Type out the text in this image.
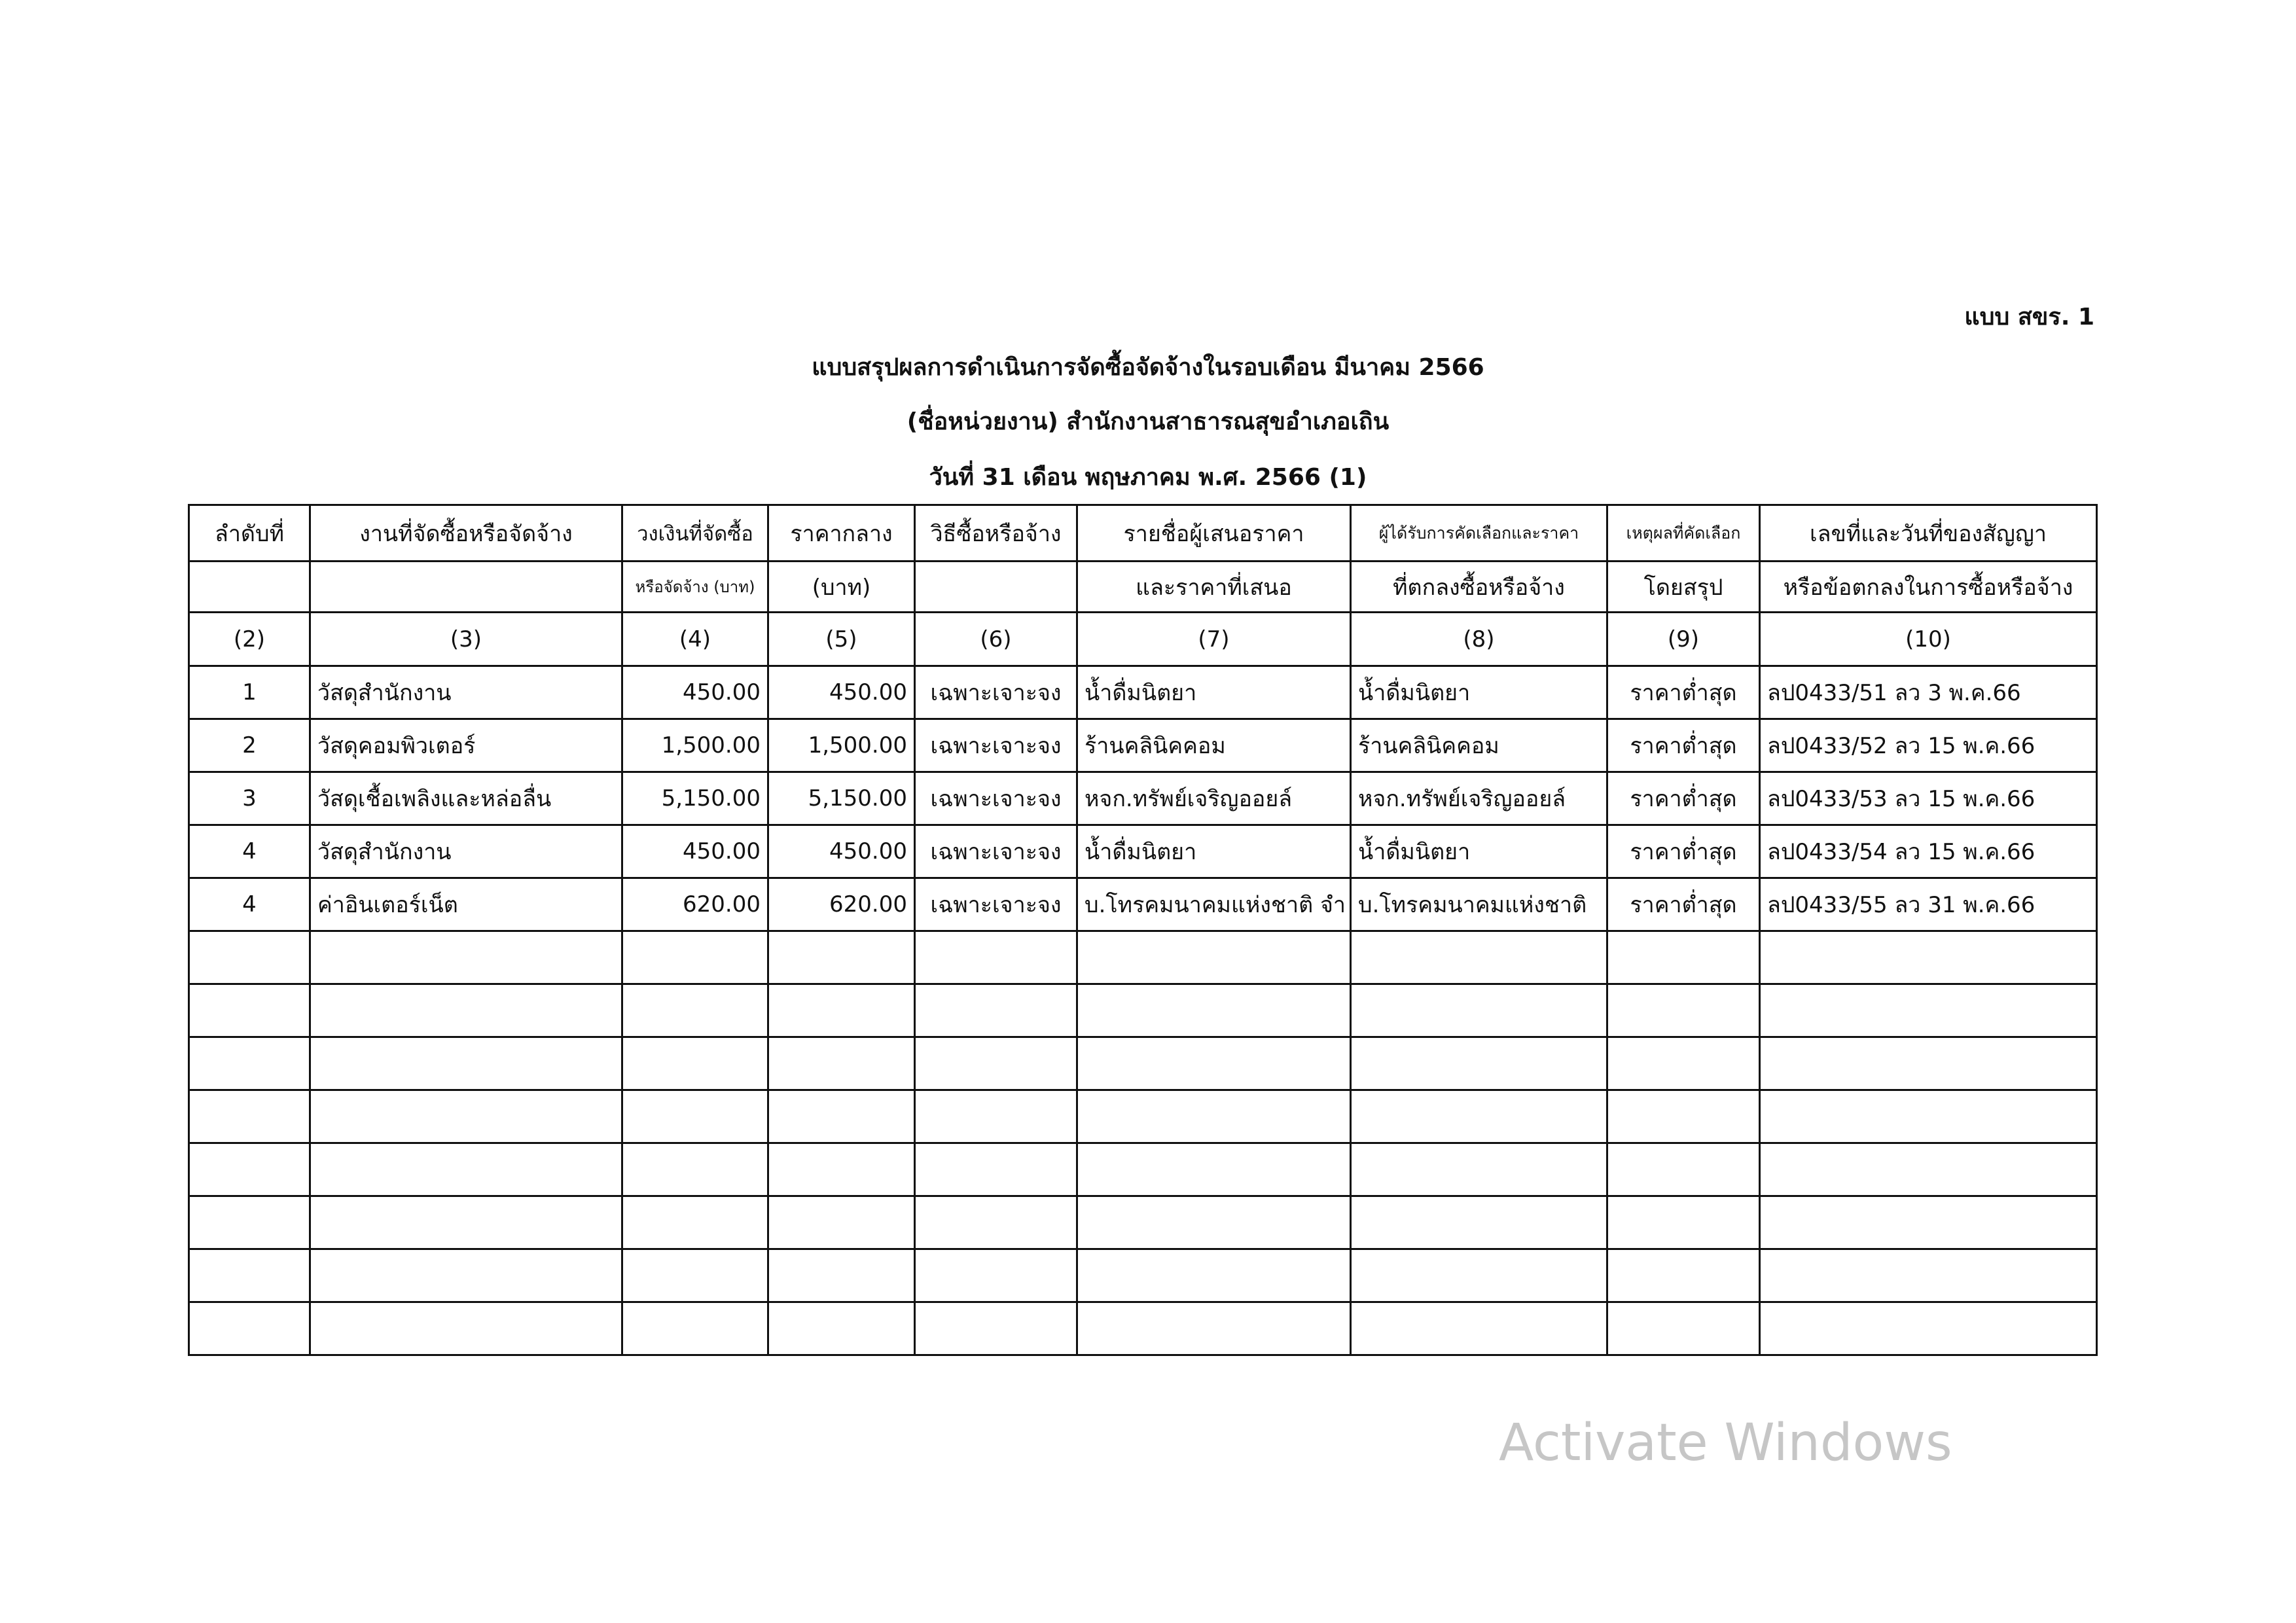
แบบ สขร. 1
แบบสรุปผลการดำเนินการจัดซื้อจัดจ้างในรอบเดือน มีนาคม 2566
(ชื่อหน่วยงาน) สำนักงานสาธารณสุขอำเภอเถิน
วันที่ 31 เดือน พฤษภาคม พ.ศ. 2566 (1)
ลำดับที่	งานที่จัดซื้อหรือจัดจ้าง	วงเงินที่จัดซื้อ	ราคากลาง	วิธีซื้อหรือจ้าง	รายชื่อผู้เสนอราคา	ผู้ได้รับการคัดเลือกและราคา	เหตุผลที่คัดเลือก	เลขที่และวันที่ของสัญญา
		หรือจัดจ้าง (บาท)	(บาท)		และราคาที่เสนอ	ที่ตกลงซื้อหรือจ้าง	โดยสรุป	หรือข้อตกลงในการซื้อหรือจ้าง
(2)	(3)	(4)	(5)	(6)	(7)	(8)	(9)	(10)
1	วัสดุสำนักงาน	450.00	450.00	เฉพาะเจาะจง	น้ำดื่มนิตยา	น้ำดื่มนิตยา	ราคาต่ำสุด	ลป0433/51 ลว 3 พ.ค.66
2	วัสดุคอมพิวเตอร์	1,500.00	1,500.00	เฉพาะเจาะจง	ร้านคลินิคคอม	ร้านคลินิคคอม	ราคาต่ำสุด	ลป0433/52 ลว 15 พ.ค.66
3	วัสดุเชื้อเพลิงและหล่อลื่น	5,150.00	5,150.00	เฉพาะเจาะจง	หจก.ทรัพย์เจริญออยล์	หจก.ทรัพย์เจริญออยล์	ราคาต่ำสุด	ลป0433/53 ลว 15 พ.ค.66
4	วัสดุสำนักงาน	450.00	450.00	เฉพาะเจาะจง	น้ำดื่มนิตยา	น้ำดื่มนิตยา	ราคาต่ำสุด	ลป0433/54 ลว 15 พ.ค.66
4	ค่าอินเตอร์เน็ต	620.00	620.00	เฉพาะเจาะจง	บ.โทรคมนาคมแห่งชาติ จำ	บ.โทรคมนาคมแห่งชาติ	ราคาต่ำสุด	ลป0433/55 ลว 31 พ.ค.66

Activate Windows
